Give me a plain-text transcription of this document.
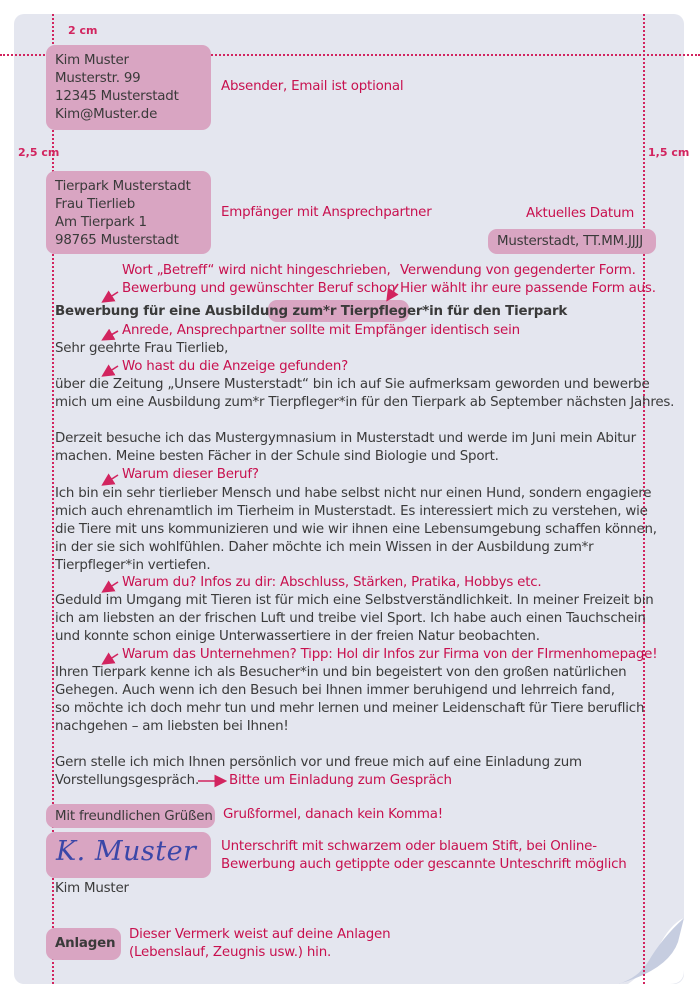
2 cm
2,5 cm	1,5 cm
Kim Muster
Musterstr. 99
12345 Musterstadt
Kim@Muster.de
Absender, Email ist optional
Tierpark Musterstadt
Frau Tierlieb
Am Tierpark 1
98765 Musterstadt
Empfänger mit Ansprechpartner	Aktuelles Datum
Musterstadt, TT.MM.JJJJ
Wort „Betreff“ wird nicht hingeschrieben,
Bewerbung und gewünschter Beruf schon
Verwendung von gegenderter Form.
Hier wählt ihr eure passende Form aus.
Bewerbung für eine Ausbildung zum*r Tierpfleger*in für den Tierpark
Anrede, Ansprechpartner sollte mit Empfänger identisch sein
Sehr geehrte Frau Tierlieb,
Wo hast du die Anzeige gefunden?
über die Zeitung „Unsere Musterstadt“ bin ich auf Sie aufmerksam geworden und bewerbe
mich um eine Ausbildung zum*r Tierpfleger*in für den Tierpark ab September nächsten Jahres.
Derzeit besuche ich das Mustergymnasium in Musterstadt und werde im Juni mein Abitur
machen. Meine besten Fächer in der Schule sind Biologie und Sport.
Warum dieser Beruf?
Ich bin ein sehr tierlieber Mensch und habe selbst nicht nur einen Hund, sondern engagiere
mich auch ehrenamtlich im Tierheim in Musterstadt. Es interessiert mich zu verstehen, wie
die Tiere mit uns kommunizieren und wie wir ihnen eine Lebensumgebung schaffen können,
in der sie sich wohlfühlen. Daher möchte ich mein Wissen in der Ausbildung zum*r
Tierpfleger*in vertiefen.
Warum du? Infos zu dir: Abschluss, Stärken, Pratika, Hobbys etc.
Geduld im Umgang mit Tieren ist für mich eine Selbstverständlichkeit. In meiner Freizeit bin
ich am liebsten an der frischen Luft und treibe viel Sport. Ich habe auch einen Tauchschein
und konnte schon einige Unterwassertiere in der freien Natur beobachten.
Warum das Unternehmen? Tipp: Hol dir Infos zur Firma von der FIrmenhomepage!
Ihren Tierpark kenne ich als Besucher*in und bin begeistert von den großen natürlichen
Gehegen. Auch wenn ich den Besuch bei Ihnen immer beruhigend und lehrreich fand,
so möchte ich doch mehr tun und mehr lernen und meiner Leidenschaft für Tiere beruflich
nachgehen – am liebsten bei Ihnen!
Gern stelle ich mich Ihnen persönlich vor und freue mich auf eine Einladung zum
Vorstellungsgespräch. Bitte um Einladung zum Gespräch
Mit freundlichen Grüßen Grußformel, danach kein Komma!
K. Muster Unterschrift mit schwarzem oder blauem Stift, bei Online-
Bewerbung auch getippte oder gescannte Unteschrift möglich
Kim Muster
Anlagen
Dieser Vermerk weist auf deine Anlagen
(Lebenslauf, Zeugnis usw.) hin.
